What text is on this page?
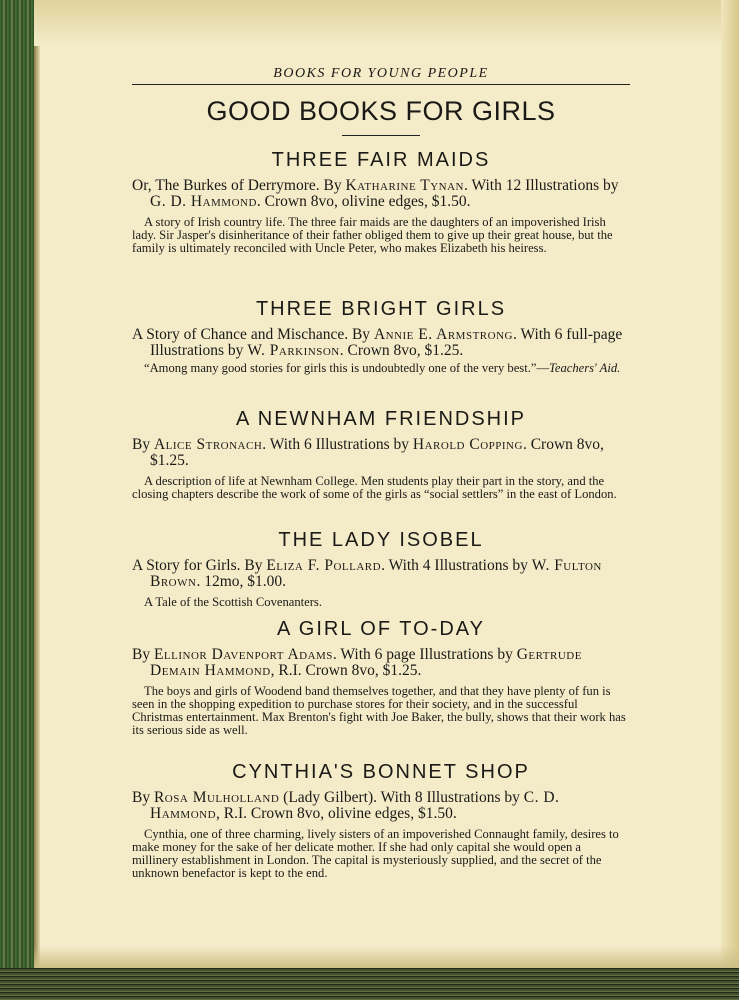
BOOKS FOR YOUNG PEOPLE
GOOD BOOKS FOR GIRLS
THREE FAIR MAIDS
Or, The Burkes of Derrymore. By Katharine Tynan. With 12 Illustrations by G. D. Hammond. Crown 8vo, olivine edges, $1.50.
A story of Irish country life. The three fair maids are the daughters of an impoverished Irish lady. Sir Jasper's disinheritance of their father obliged them to give up their great house, but the family is ultimately reconciled with Uncle Peter, who makes Elizabeth his heiress.
THREE BRIGHT GIRLS
A Story of Chance and Mischance. By Annie E. Armstrong. With 6 full-page Illustrations by W. Parkinson. Crown 8vo, $1.25.
“Among many good stories for girls this is undoubtedly one of the very best.”—Teachers' Aid.
A NEWNHAM FRIENDSHIP
By Alice Stronach. With 6 Illustrations by Harold Copping. Crown 8vo, $1.25.
A description of life at Newnham College. Men students play their part in the story, and the closing chapters describe the work of some of the girls as “social settlers” in the east of London.
THE LADY ISOBEL
A Story for Girls. By Eliza F. Pollard. With 4 Illustrations by W. Fulton Brown. 12mo, $1.00.
A Tale of the Scottish Covenanters.
A GIRL OF TO-DAY
By Ellinor Davenport Adams. With 6 page Illustrations by Gertrude Demain Hammond, R.I. Crown 8vo, $1.25.
The boys and girls of Woodend band themselves together, and that they have plenty of fun is seen in the shopping expedition to purchase stores for their society, and in the successful Christmas entertainment. Max Brenton's fight with Joe Baker, the bully, shows that their work has its serious side as well.
CYNTHIA'S BONNET SHOP
By Rosa Mulholland (Lady Gilbert). With 8 Illustrations by C. D. Hammond, R.I. Crown 8vo, olivine edges, $1.50.
Cynthia, one of three charming, lively sisters of an impoverished Connaught family, desires to make money for the sake of her delicate mother. If she had only capital she would open a millinery establishment in London. The capital is mysteriously supplied, and the secret of the unknown benefactor is kept to the end.
